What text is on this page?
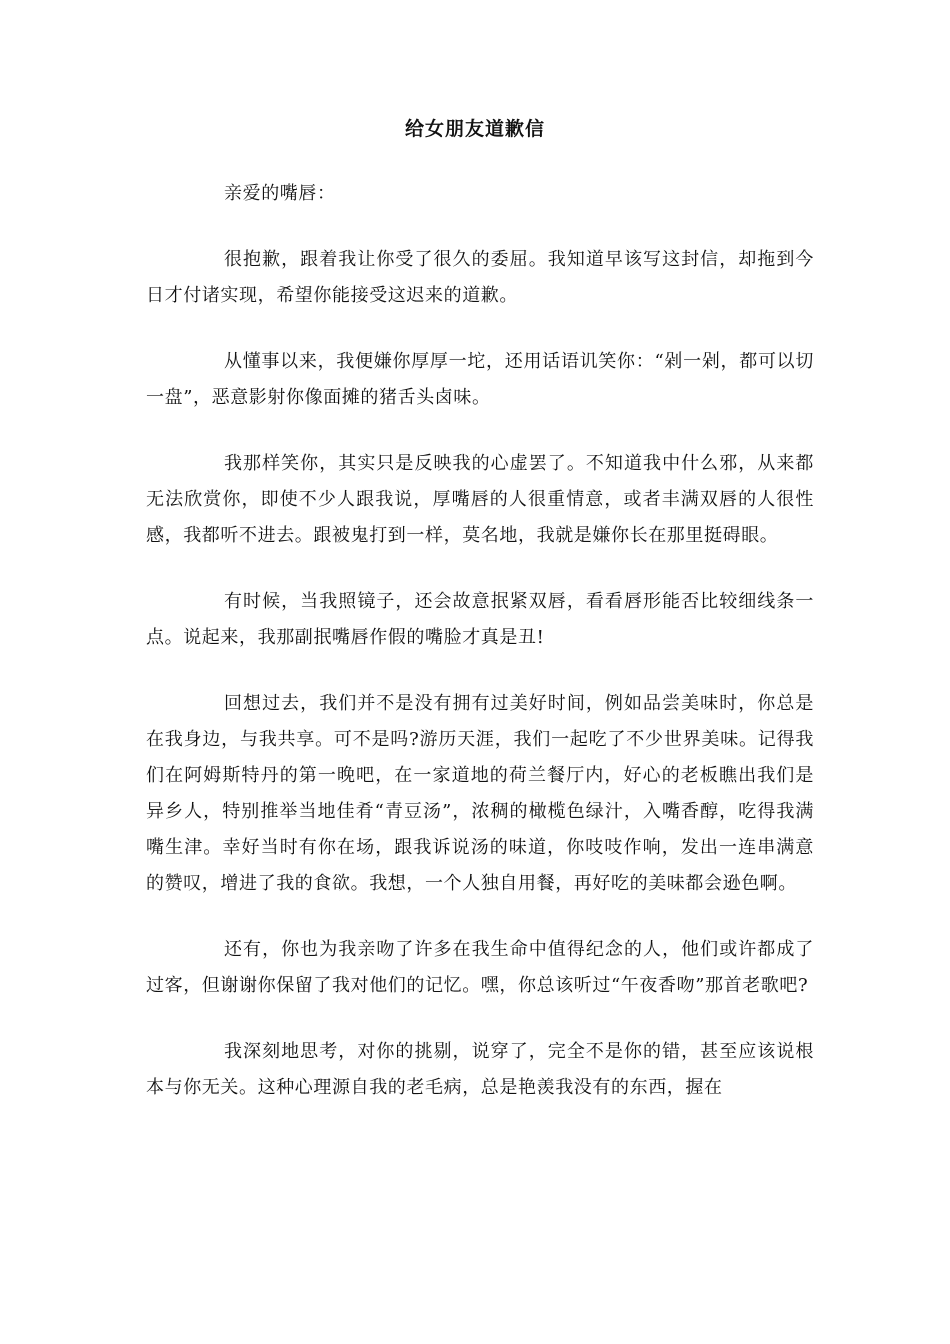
给女朋友道歉信

亲爱的嘴唇：

很抱歉，跟着我让你受了很久的委屈。我知道早该写这封信，却拖到今日才付诸实现，希望你能接受这迟来的道歉。

从懂事以来，我便嫌你厚厚一坨，还用话语讥笑你：“剁一剁，都可以切一盘”，恶意影射你像面摊的猪舌头卤味。

我那样笑你，其实只是反映我的心虚罢了。不知道我中什么邪，从来都无法欣赏你，即使不少人跟我说，厚嘴唇的人很重情意，或者丰满双唇的人很性感，我都听不进去。跟被鬼打到一样，莫名地，我就是嫌你长在那里挺碍眼。

有时候，当我照镜子，还会故意抿紧双唇，看看唇形能否比较细线条一点。说起来，我那副抿嘴唇作假的嘴脸才真是丑!

回想过去，我们并不是没有拥有过美好时间，例如品尝美味时，你总是在我身边，与我共享。可不是吗?游历天涯，我们一起吃了不少世界美味。记得我们在阿姆斯特丹的第一晚吧，在一家道地的荷兰餐厅内，好心的老板瞧出我们是异乡人，特别推举当地佳肴“青豆汤”，浓稠的橄榄色绿汁，入嘴香醇，吃得我满嘴生津。幸好当时有你在场，跟我诉说汤的味道，你吱吱作响，发出一连串满意的赞叹，增进了我的食欲。我想，一个人独自用餐，再好吃的美味都会逊色啊。

还有，你也为我亲吻了许多在我生命中值得纪念的人，他们或许都成了过客，但谢谢你保留了我对他们的记忆。嘿，你总该听过“午夜香吻”那首老歌吧?

我深刻地思考，对你的挑剔，说穿了，完全不是你的错，甚至应该说根本与你无关。这种心理源自我的老毛病，总是艳羡我没有的东西，握在
